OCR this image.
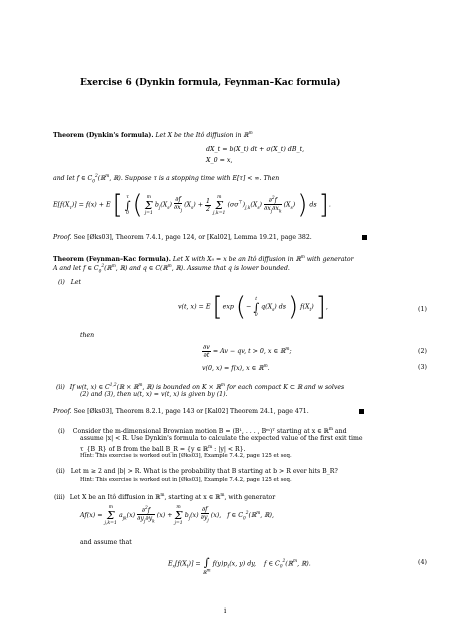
Exercise 6 (Dynkin formula, Feynman–Kac formula)
Theorem (Dynkin's formula). Let X be the Itô diffusion in ℝ$^m$
dX_t = b(X_t) dt + σ(X_t) dB_t,
X_0 = x,
and let f ∈ $C_0^2(ℝ^m$, ℝ). Suppose τ is a stopping time with E[τ] < ∞. Then
$E[f(X_\tau)] = f(x) + E$ [ τ
∫
0 ( m
Σ
j=1 $b_j(X_s) \frac{\partial f}{\partial x_j} (X_s) + \frac{1}{2}$
m
Σ
j,k=1 $(\sigma\sigma^⊤)_{j,k}(X_s) \frac{\partial^2f}{\partial x_j\partial x_k} (X_s)$ ) ds ].
Proof. See [Øks03], Theorem 7.4.1, page 124, or [Kal02], Lemma 19.21, page 382.
Theorem (Feynman–Kac formula). Let X with X₀ = x be an Itô diffusion in ℝ$^m$ with generator
A and let f ∈ $C_0^2(ℝ^m$, ℝ) and q ∈ C(ℝ$^m$, ℝ). Assume that q is lower bounded.
(i) Let
v(t, x) = E [exp (− t
∫
0 $q(X_s)$ ds ) $f(X_t)$ ],	(1)
then
$\frac{\partial v}{\partial t} = Av$ − qv, t > 0, x ∈ ℝ$^m$;	(2)
v(0, x) = f(x), x ∈ ℝ$^m$.	(3)
(ii) If w(t, x) ∈ C$^{1,2}$(ℝ × ℝ$^m$, ℝ) is bounded on K × ℝ$^m$ for each compact K ⊂ ℝ and w solves
(2) and (3), then u(t, x) = v(t, x) is given by (1).
Proof. See [Øks03], Theorem 8.2.1, page 143 or [Kal02] Theorem 24.1, page 471.
(i) Consider the m-dimensional Brownian motion B = (B¹, . . . , Bᵐ)ᵀ starting at x ∈ ℝ$^m$ and
assume |x| < R. Use Dynkin's formula to calculate the expected value of the first exit time
τ_{B_R} of B from the ball B_R = {y ∈ ℝ$^m$ : |y| < R}.
Hint: This exercise is worked out in [Øks03], Example 7.4.2, page 125 et seq.
(ii) Let m ≥ 2 and |b| > R. What is the probability that B starting at b > R ever hits B_R?
Hint: This exercise is worked out in [Øks03], Example 7.4.2, page 125 et seq.
(iii) Let X be an Itô diffusion in ℝ$^m$, starting at x ∈ ℝ$^m$, with generator
Af(x) = m
Σ
j,k=1 $a_{jk}(x) \frac{\partial^2f}{\partial y_j\partial y_k} (x) + m$
Σ
j=1 $b_j(x) \frac{\partial f}{\partial y_j} (x)$,   f ∈ $C_0^2(ℝ^m$, ℝ),
and assume that
$E_x[f(X_t)]$ = ∫
ℝ$^m$ $f(y)p_t(x$, y) dy,    f ∈ $C_0^2(ℝ^m$, ℝ).	(4)
i
